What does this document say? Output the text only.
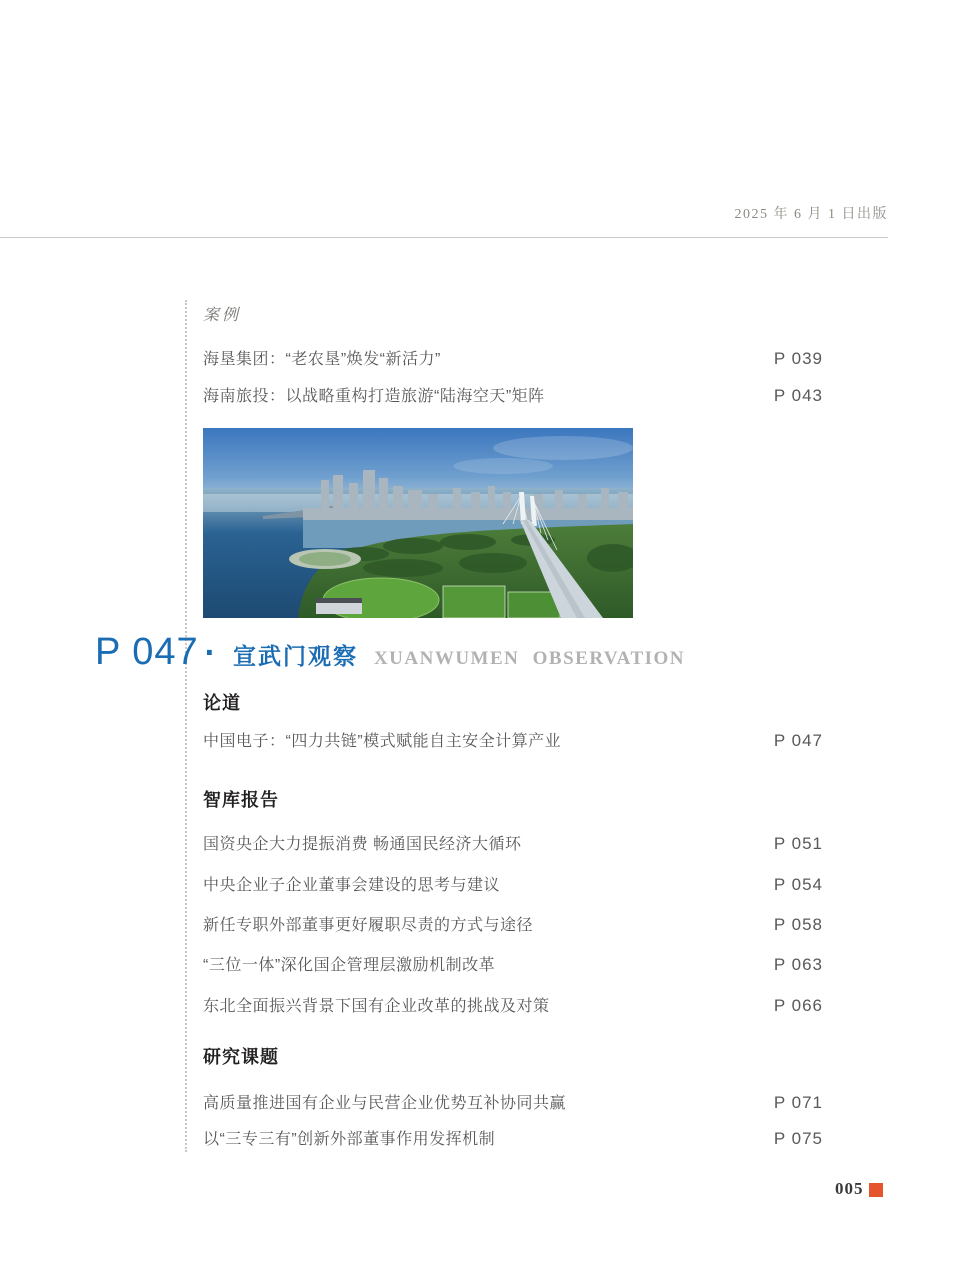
2025 年 6 月 1 日出版
案例
海垦集团：“老农垦”焕发“新活力”	P 039
海南旅投：以战略重构打造旅游“陆海空天”矩阵	P 043
P 047 · 宣武门观察 XUANWUMEN OBSERVATION
论道
中国电子：“四力共链”模式赋能自主安全计算产业	P 047
智库报告
国资央企大力提振消费 畅通国民经济大循环	P 051
中央企业子企业董事会建设的思考与建议	P 054
新任专职外部董事更好履职尽责的方式与途径	P 058
“三位一体”深化国企管理层激励机制改革	P 063
东北全面振兴背景下国有企业改革的挑战及对策	P 066
研究课题
高质量推进国有企业与民营企业优势互补协同共赢	P 071
以“三专三有”创新外部董事作用发挥机制	P 075
005
